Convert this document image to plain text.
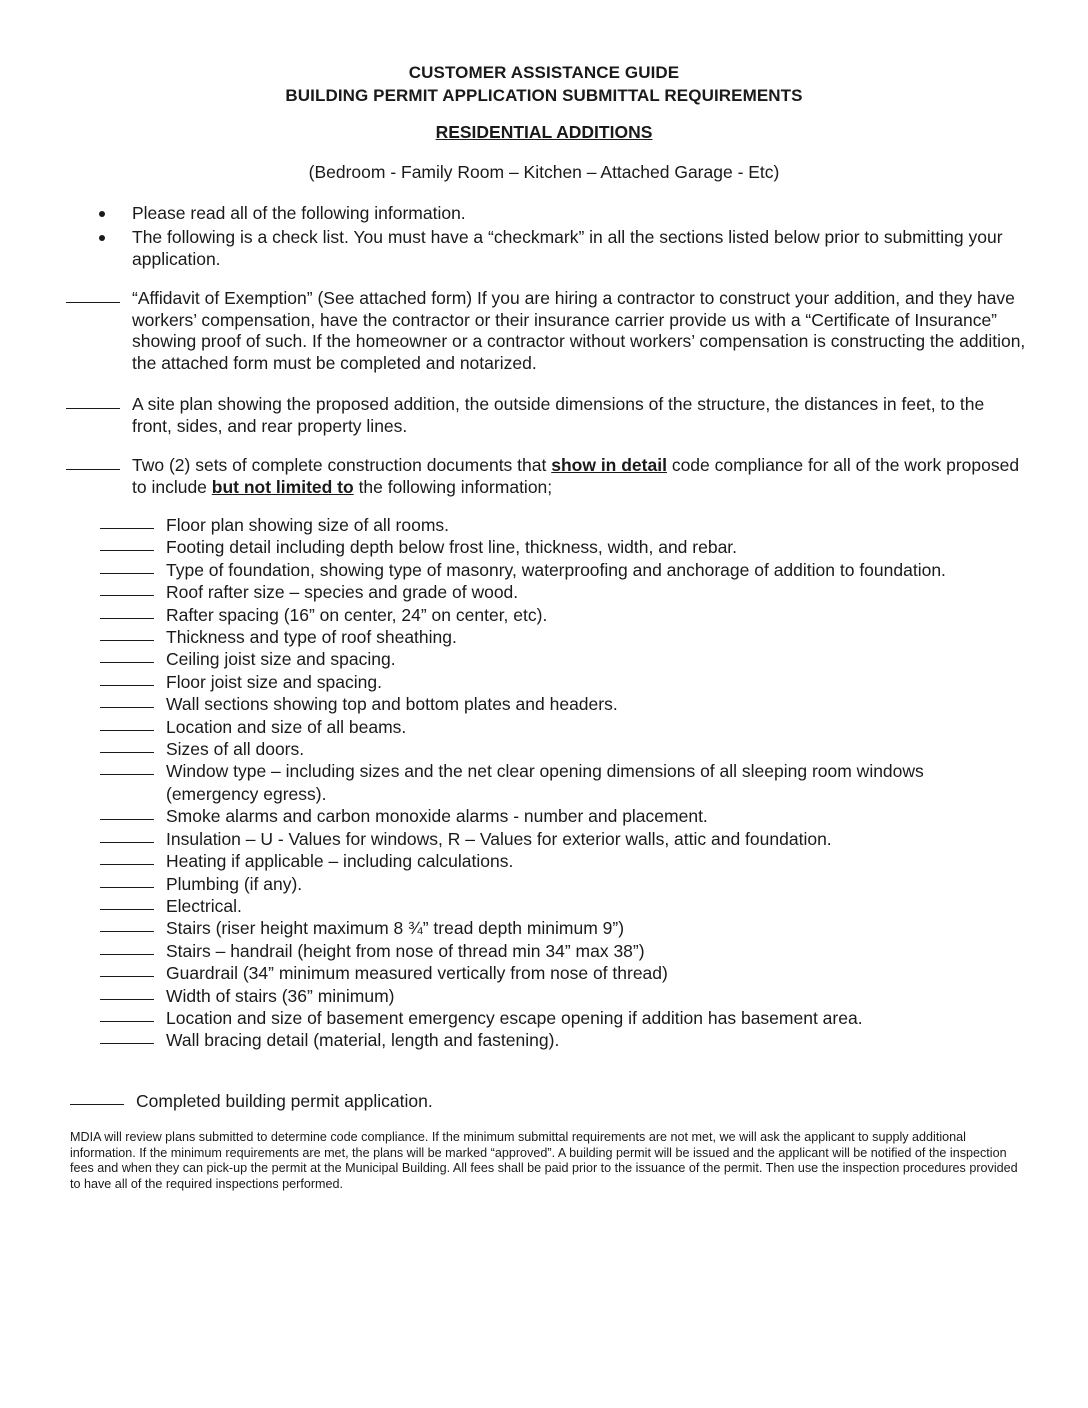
CUSTOMER ASSISTANCE GUIDE
BUILDING PERMIT APPLICATION SUBMITTAL REQUIREMENTS
RESIDENTIAL ADDITIONS
(Bedroom - Family Room – Kitchen – Attached Garage - Etc)
Please read all of the following information.
The following is a check list. You must have a “checkmark” in all the sections listed below prior to submitting your application.
“Affidavit of Exemption” (See attached form) If you are hiring a contractor to construct your addition, and they have workers’ compensation, have the contractor or their insurance carrier provide us with a “Certificate of Insurance” showing proof of such. If the homeowner or a contractor without workers’ compensation is constructing the addition, the attached form must be completed and notarized.
A site plan showing the proposed addition, the outside dimensions of the structure, the distances in feet, to the front, sides, and rear property lines.
Two (2) sets of complete construction documents that show in detail code compliance for all of the work proposed to include but not limited to the following information;
Floor plan showing size of all rooms.
Footing detail including depth below frost line, thickness, width, and rebar.
Type of foundation, showing type of masonry, waterproofing and anchorage of addition to foundation.
Roof rafter size – species and grade of wood.
Rafter spacing (16” on center, 24” on center, etc).
Thickness and type of roof sheathing.
Ceiling joist size and spacing.
Floor joist size and spacing.
Wall sections showing top and bottom plates and headers.
Location and size of all beams.
Sizes of all doors.
Window type – including sizes and the net clear opening dimensions of all sleeping room windows (emergency egress).
Smoke alarms and carbon monoxide alarms - number and placement.
Insulation – U - Values for windows, R – Values for exterior walls, attic and foundation.
Heating if applicable – including calculations.
Plumbing (if any).
Electrical.
Stairs (riser height maximum 8 ¾” tread depth minimum 9”)
Stairs – handrail (height from nose of thread min 34” max 38”)
Guardrail (34” minimum measured vertically from nose of thread)
Width of stairs (36” minimum)
Location and size of basement emergency escape opening if addition has basement area.
Wall bracing detail (material, length and fastening).
Completed building permit application.
MDIA will review plans submitted to determine code compliance. If the minimum submittal requirements are not met, we will ask the applicant to supply additional information. If the minimum requirements are met, the plans will be marked “approved”. A building permit will be issued and the applicant will be notified of the inspection fees and when they can pick-up the permit at the Municipal Building. All fees shall be paid prior to the issuance of the permit. Then use the inspection procedures provided to have all of the required inspections performed.
